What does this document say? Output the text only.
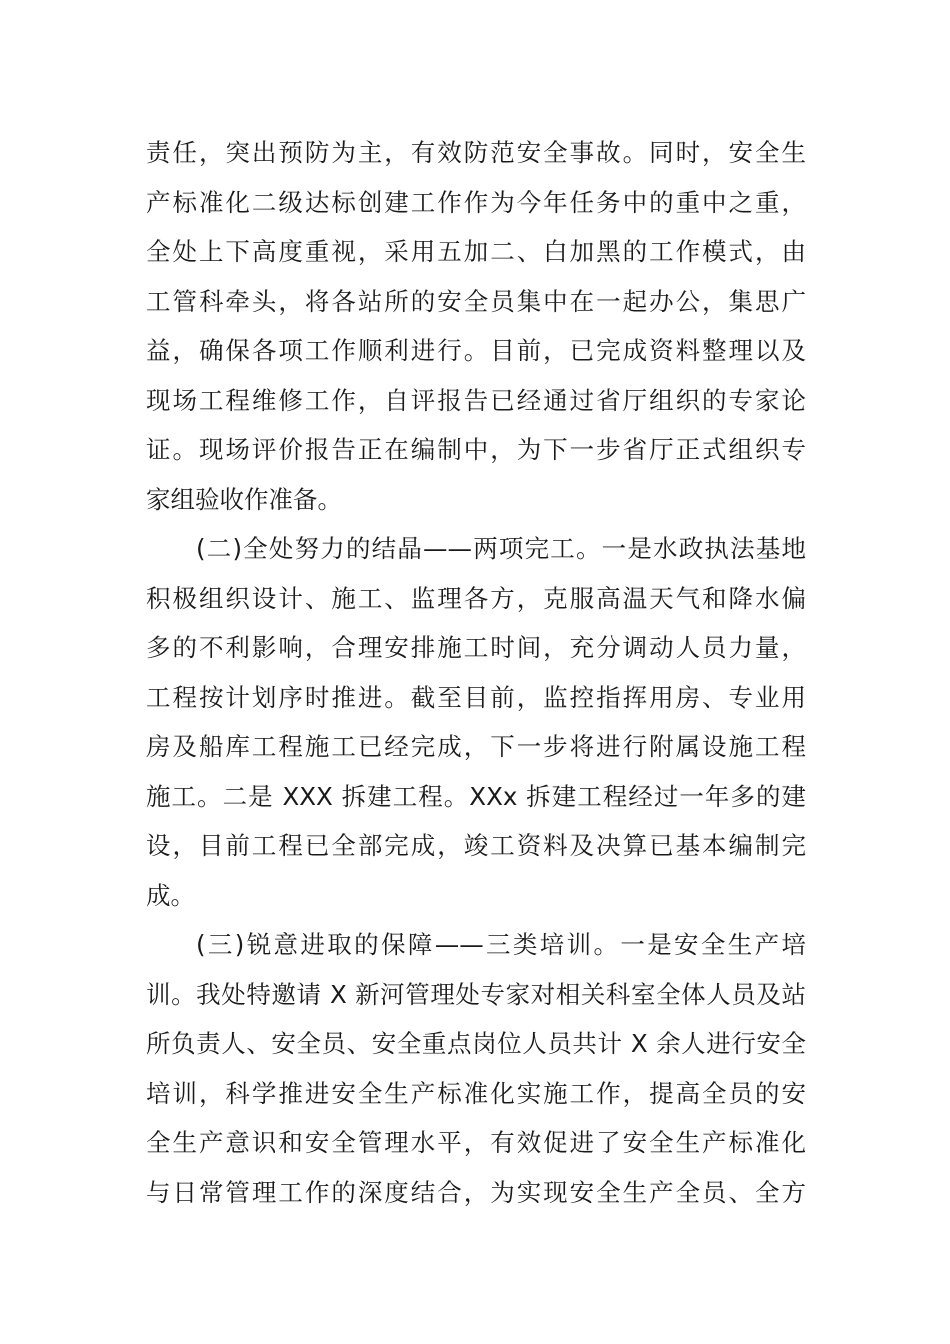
责任，突出预防为主，有效防范安全事故。同时，安全生
产标准化二级达标创建工作作为今年任务中的重中之重，
全处上下高度重视，采用五加二、白加黑的工作模式，由
工管科牵头，将各站所的安全员集中在一起办公，集思广
益，确保各项工作顺利进行。目前，已完成资料整理以及
现场工程维修工作，自评报告已经通过省厅组织的专家论
证。现场评价报告正在编制中，为下一步省厅正式组织专
家组验收作准备。
(二)全处努力的结晶——两项完工。一是水政执法基地
积极组织设计、施工、监理各方，克服高温天气和降水偏
多的不利影响，合理安排施工时间，充分调动人员力量，
工程按计划序时推进。截至目前，监控指挥用房、专业用
房及船库工程施工已经完成，下一步将进行附属设施工程
施工。二是 XXX 拆建工程。XXx 拆建工程经过一年多的建
设，目前工程已全部完成，竣工资料及决算已基本编制完
成。
(三)锐意进取的保障——三类培训。一是安全生产培
训。我处特邀请 X 新河管理处专家对相关科室全体人员及站
所负责人、安全员、安全重点岗位人员共计 X 余人进行安全
培训，科学推进安全生产标准化实施工作，提高全员的安
全生产意识和安全管理水平，有效促进了安全生产标准化
与日常管理工作的深度结合，为实现安全生产全员、全方
